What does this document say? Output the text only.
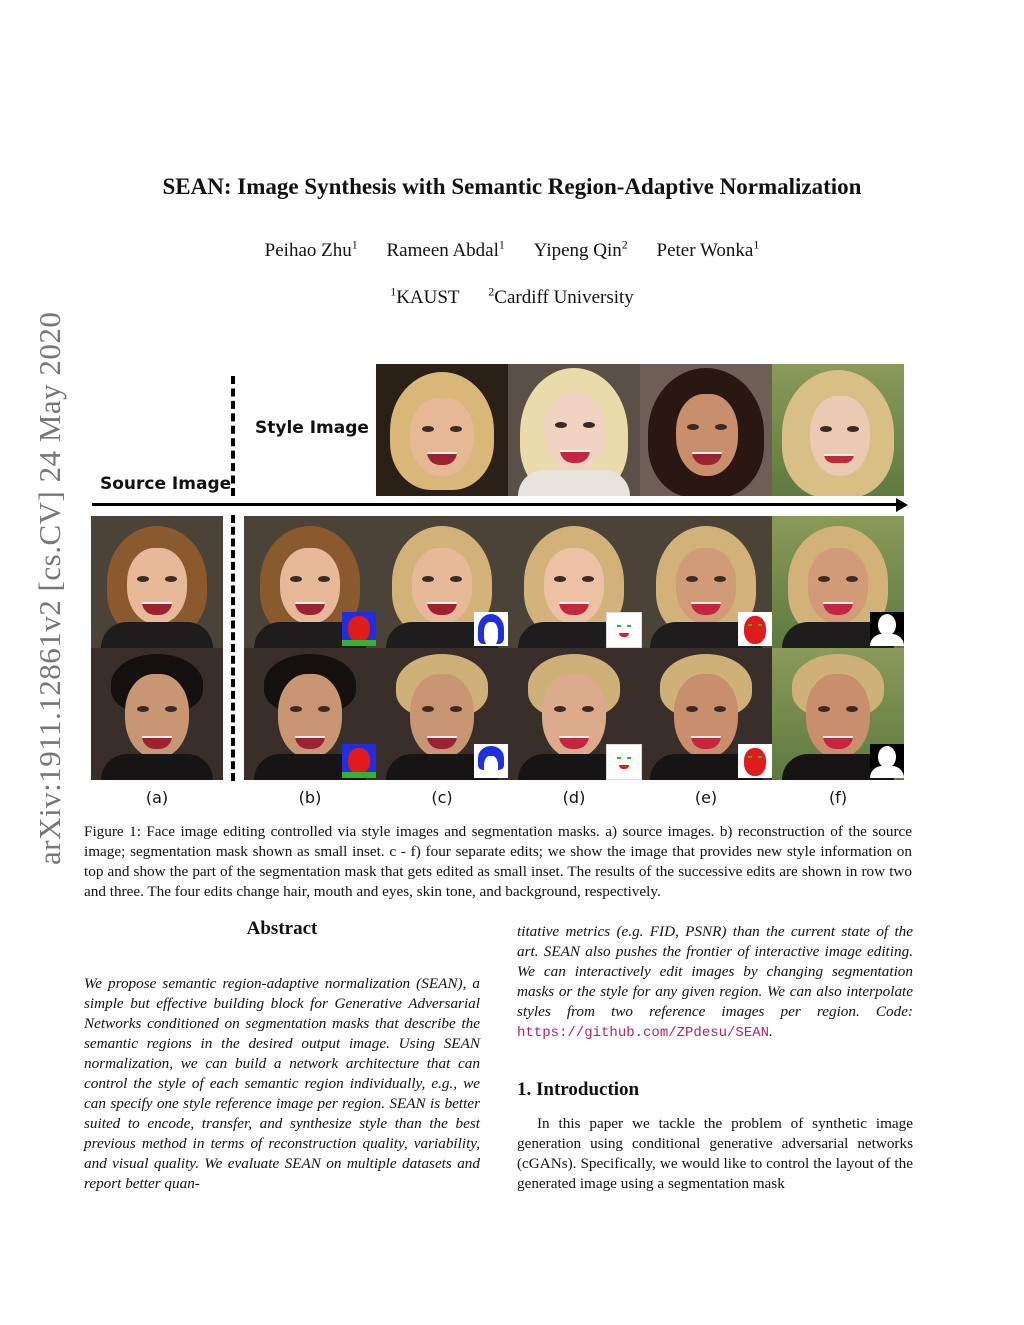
arXiv:1911.12861v2 [cs.CV] 24 May 2020
SEAN: Image Synthesis with Semantic Region-Adaptive Normalization
Peihao Zhu$^1$ Rameen Abdal$^1$ Yipeng Qin$^2$ Peter Wonka$^1$
$^1$KAUST $^2$Cardiff University
Style Image
Source Image
(a)	(b)	(c)	(d)	(e)	(f)
Figure 1: Face image editing controlled via style images and segmentation masks. a) source images. b) reconstruction of the source image; segmentation mask shown as small inset. c - f) four separate edits; we show the image that provides new style information on top and show the part of the segmentation mask that gets edited as small inset. The results of the successive edits are shown in row two and three. The four edits change hair, mouth and eyes, skin tone, and background, respectively.
Abstract
We propose semantic region-adaptive normalization (SEAN), a simple but effective building block for Generative Adversarial Networks conditioned on segmentation masks that describe the semantic regions in the desired output image. Using SEAN normalization, we can build a network architecture that can control the style of each semantic region individually, e.g., we can specify one style reference image per region. SEAN is better suited to encode, transfer, and synthesize style than the best previous method in terms of reconstruction quality, variability, and visual quality. We evaluate SEAN on multiple datasets and report better quan-
titative metrics (e.g. FID, PSNR) than the current state of the art. SEAN also pushes the frontier of interactive image editing. We can interactively edit images by changing segmentation masks or the style for any given region. We can also interpolate styles from two reference images per region. Code: https://github.com/ZPdesu/SEAN.
1. Introduction
In this paper we tackle the problem of synthetic image generation using conditional generative adversarial networks (cGANs). Specifically, we would like to control the layout of the generated image using a segmentation mask
